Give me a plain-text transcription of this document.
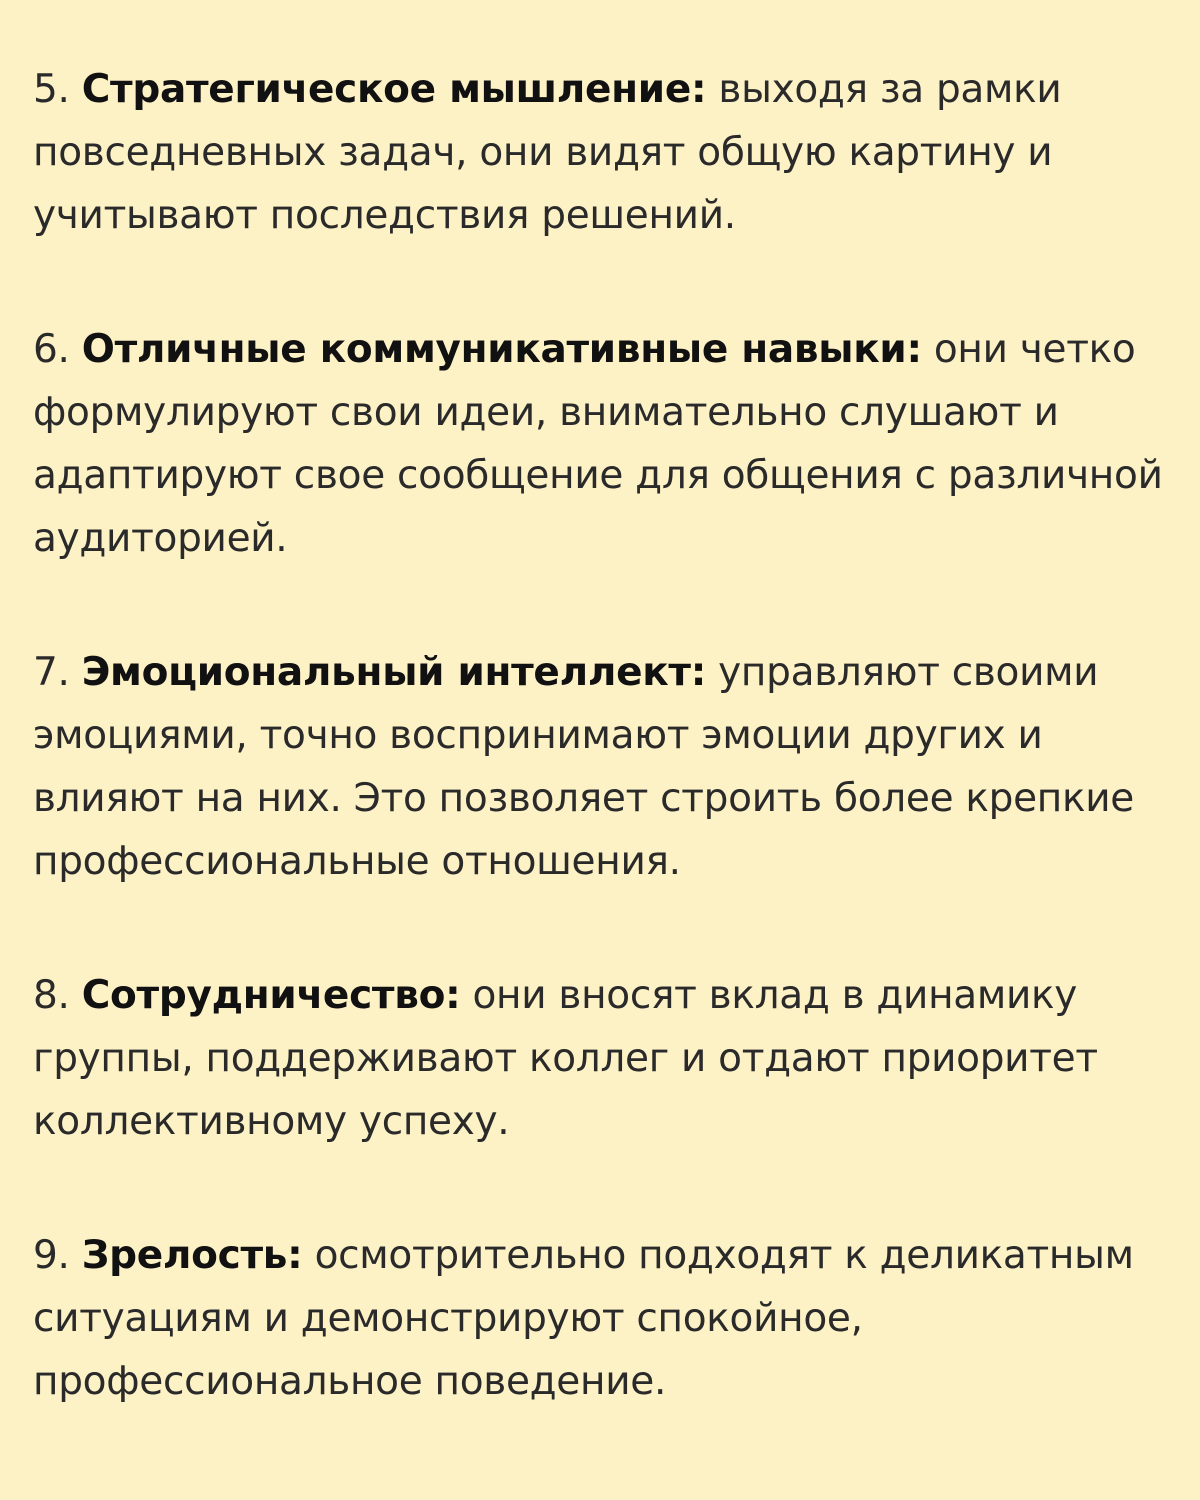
5. Стратегическое мышление: выходя за рамки повседневных задач, они видят общую картину и учитывают последствия решений.

6. Отличные коммуникативные навыки: они четко формулируют свои идеи, внимательно слушают и адаптируют свое сообщение для общения с различной аудиторией.

7. Эмоциональный интеллект: управляют своими эмоциями, точно воспринимают эмоции других и влияют на них. Это позволяет строить более крепкие профессиональные отношения.

8. Сотрудничество: они вносят вклад в динамику группы, поддерживают коллег и отдают приоритет коллективному успеху.

9. Зрелость: осмотрительно подходят к деликатным ситуациям и демонстрируют спокойное, профессиональное поведение.
